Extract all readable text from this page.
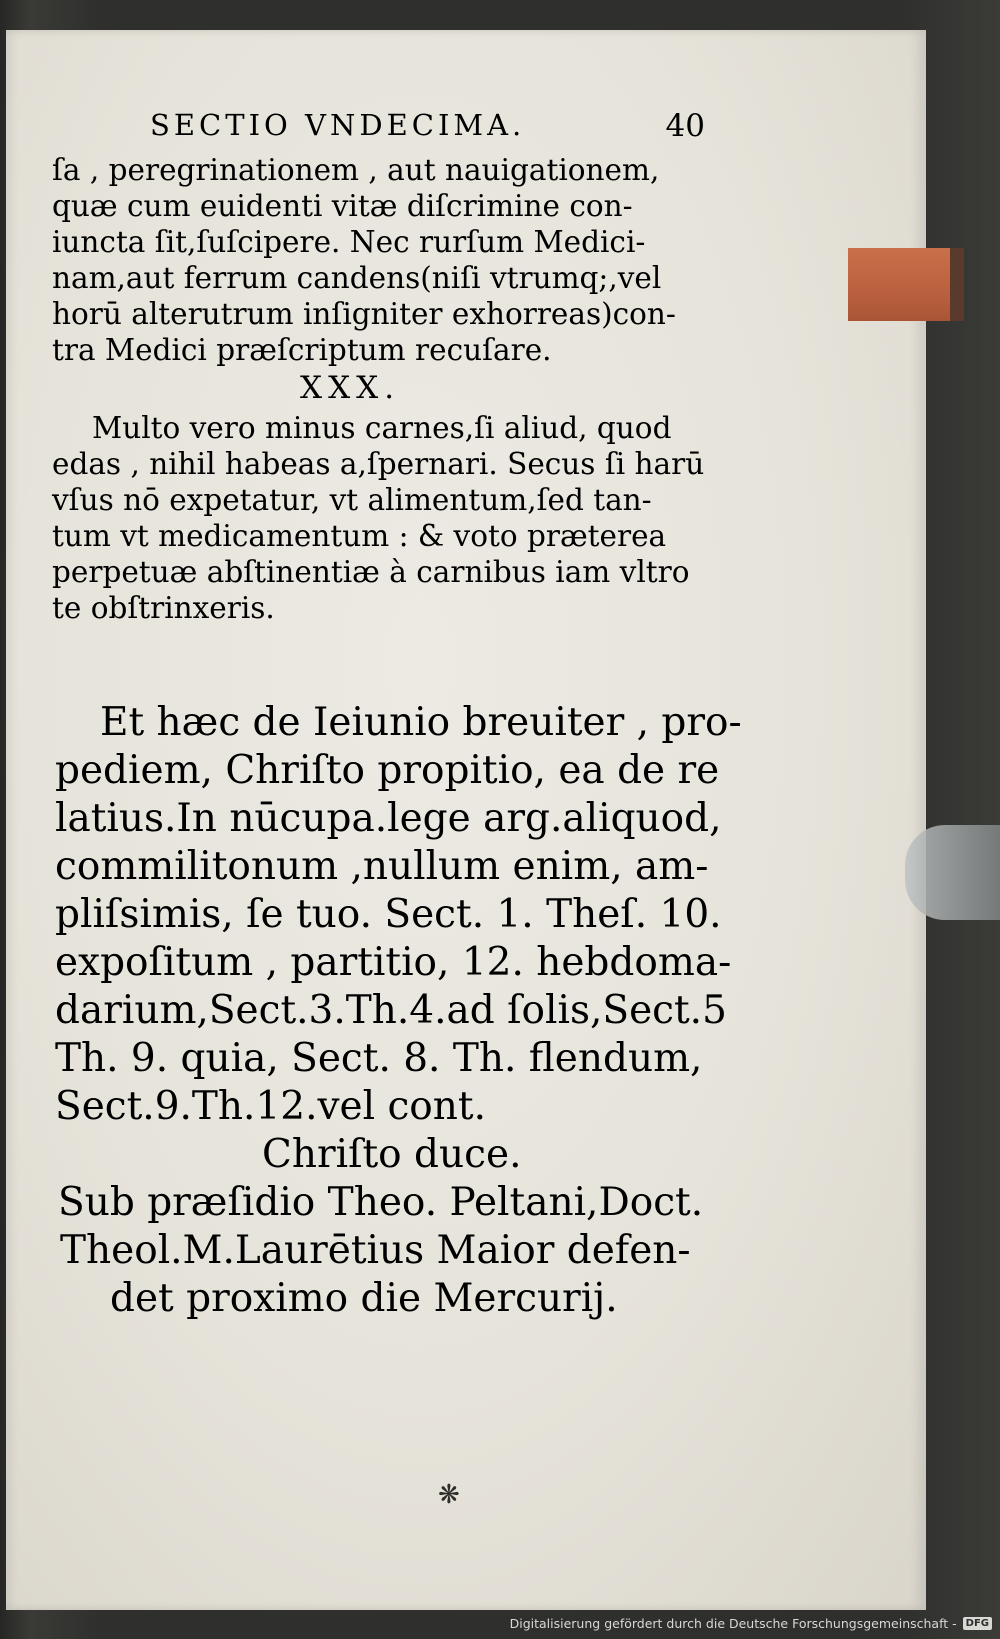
SECTIO VNDECIMA.	40
ſa , peregrinationem , aut nauigationem,
quæ cum euidenti vitæ diſcrimine con-
iuncta ſit,ſuſcipere. Nec rurſum Medici-
nam,aut ferrum candens(niſi vtrumq;,vel
horū alterutrum inſigniter exhorreas)con-
tra Medici præſcriptum recuſare.
XXX.
Multo vero minus carnes,ſi aliud, quod
edas , nihil habeas a,ſpernari. Secus ſi harū
vſus nō expetatur, vt alimentum,ſed tan-
tum vt medicamentum : & voto præterea
perpetuæ abſtinentiæ à carnibus iam vltro
te obſtrinxeris.
Et hæc de Ieiunio breuiter , pro-
pediem, Chriſto propitio, ea de re
latius.In nūcupa.lege arg.aliquod,
commilitonum ,nullum enim, am-
pliſsimis, ſe tuo. Sect. 1. Theſ. 10.
expoſitum , partitio, 12. hebdoma-
darium,Sect.3.Th.4.ad ſolis,Sect.5
Th. 9. quia, Sect. 8. Th. flendum,
Sect.9.Th.12.vel cont.
Chriſto duce.
Sub præſidio Theo. Peltani,Doct.
Theol.M.Laurētius Maior defen-
det proximo die Mercurij.
❋
Digitalisierung gefördert durch die Deutsche Forschungsgemeinschaft - DFG
